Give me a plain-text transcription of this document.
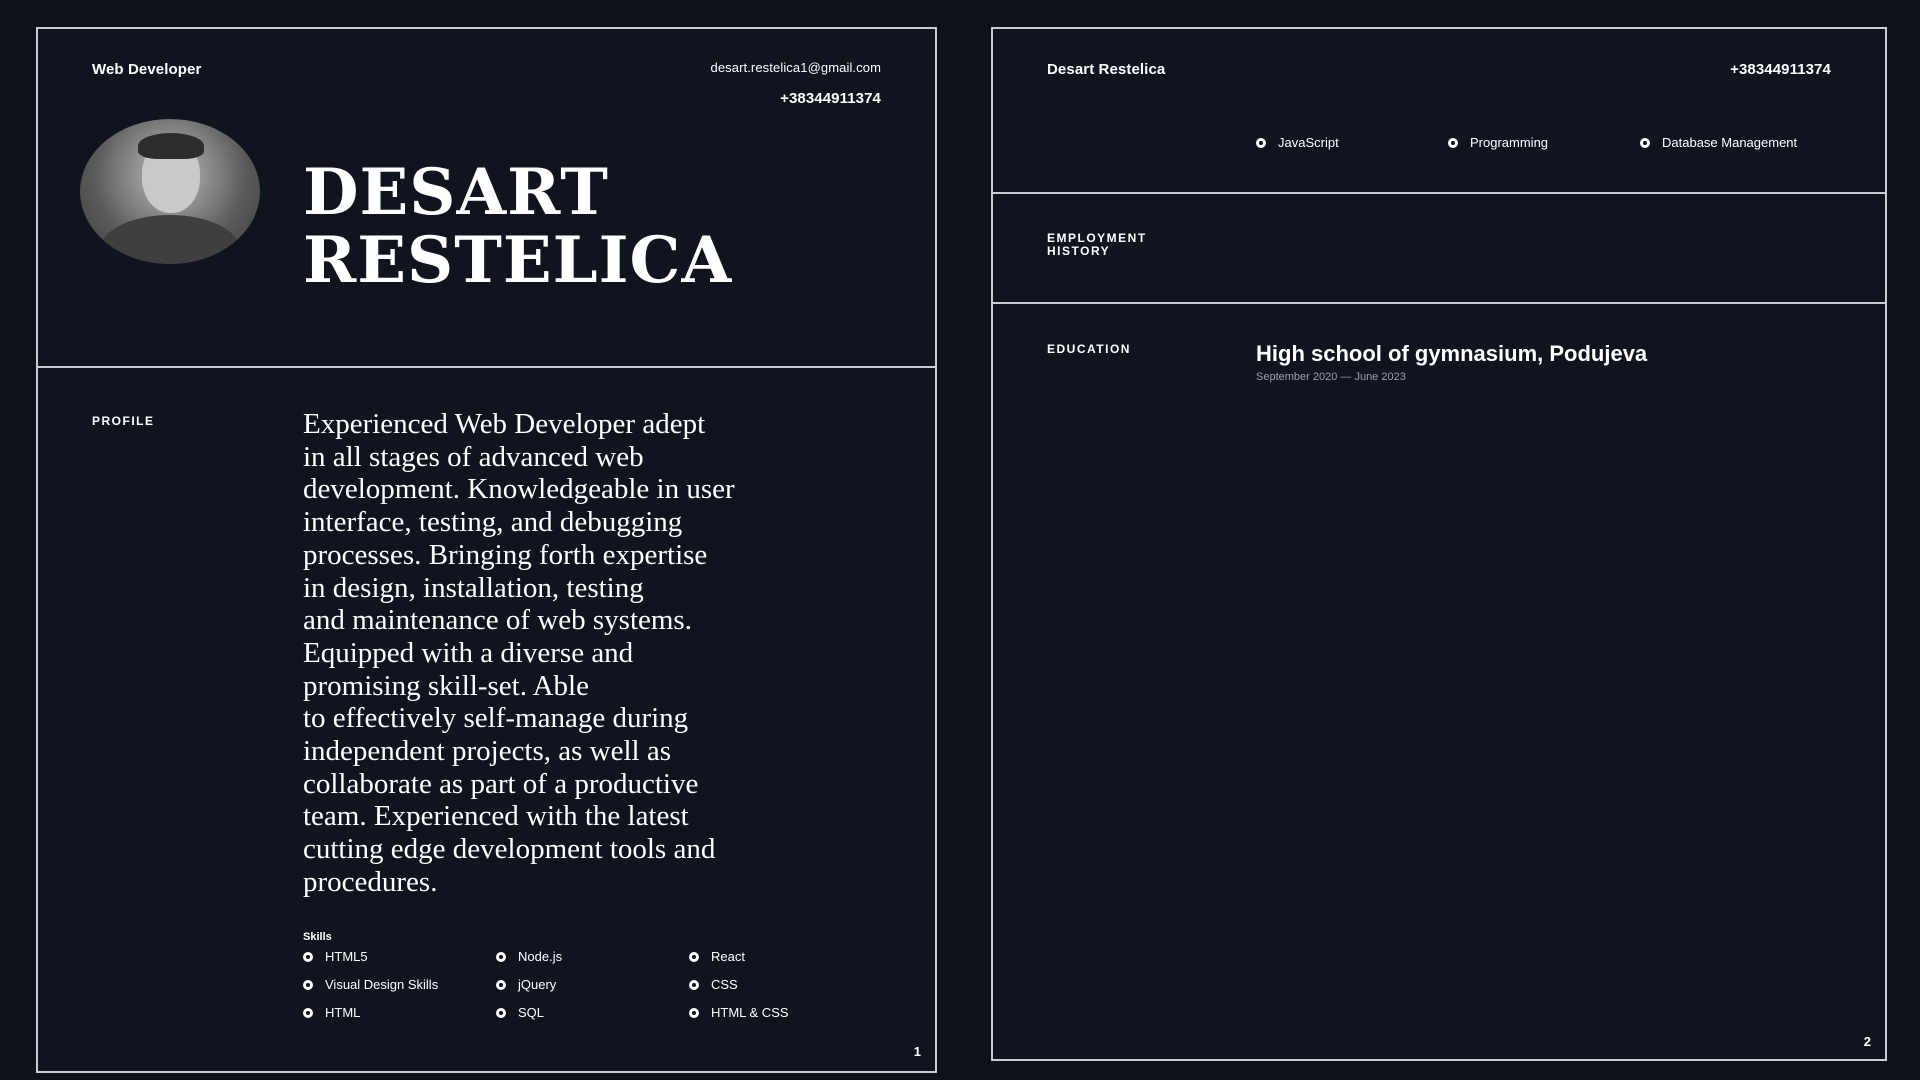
Web Developer	desart.restelica1@gmail.com
+38344911374
DESART
RESTELICA
PROFILE	Experienced Web Developer adept
in all stages of advanced web
development. Knowledgeable in user
interface, testing, and debugging
processes. Bringing forth expertise
in design, installation, testing
and maintenance of web systems.
Equipped with a diverse and
promising skill-set. Able
to effectively self-manage during
independent projects, as well as
collaborate as part of a productive
team. Experienced with the latest
cutting edge development tools and
procedures.
Skills
HTML5	Node.js	React
Visual Design Skills	jQuery	CSS
HTML	SQL	HTML & CSS
1
Desart Restelica	+38344911374
JavaScript	Programming	Database Management
EMPLOYMENT
HISTORY
EDUCATION	High school of gymnasium, Podujeva
September 2020 — June 2023
2
